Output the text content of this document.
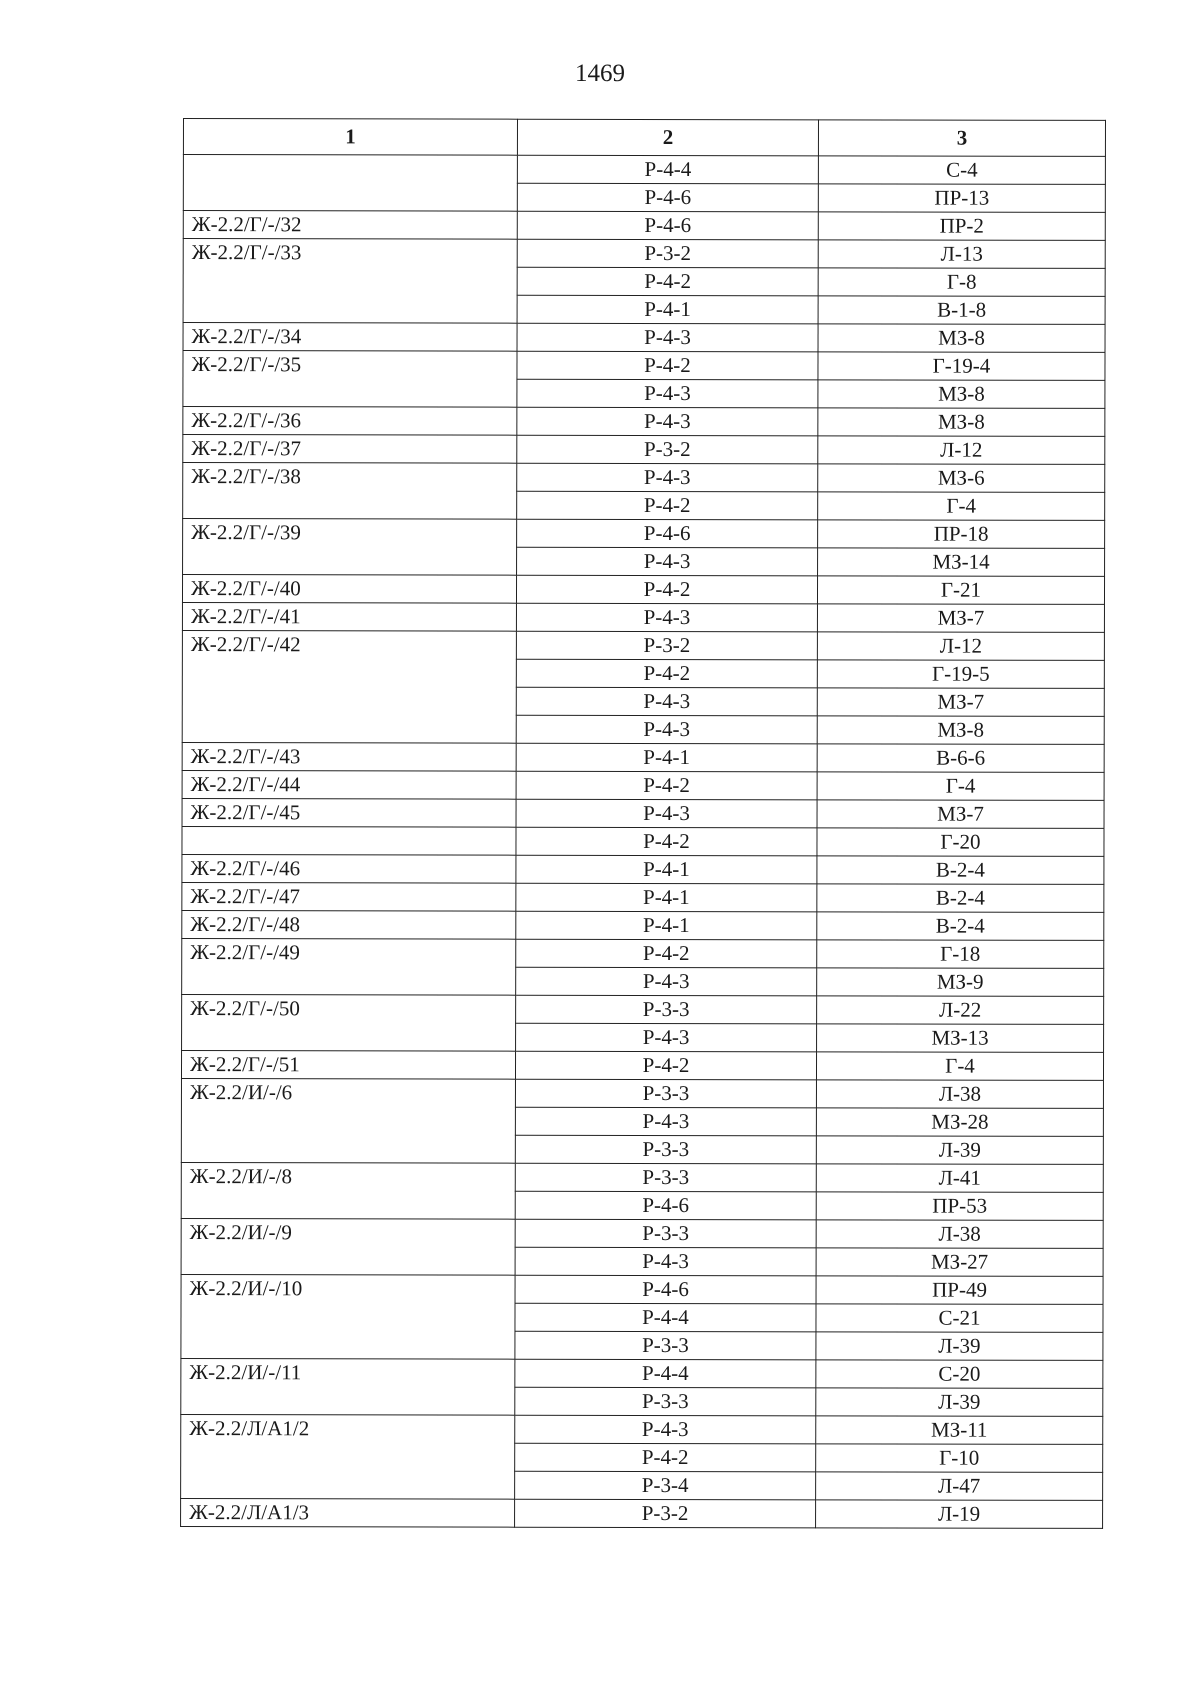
1469
1	2	3
	Р-4-4	С-4
	Р-4-6	ПР-13
Ж-2.2/Г/-/32	Р-4-6	ПР-2
Ж-2.2/Г/-/33	Р-3-2	Л-13
	Р-4-2	Г-8
	Р-4-1	В-1-8
Ж-2.2/Г/-/34	Р-4-3	МЗ-8
Ж-2.2/Г/-/35	Р-4-2	Г-19-4
	Р-4-3	МЗ-8
Ж-2.2/Г/-/36	Р-4-3	МЗ-8
Ж-2.2/Г/-/37	Р-3-2	Л-12
Ж-2.2/Г/-/38	Р-4-3	МЗ-6
	Р-4-2	Г-4
Ж-2.2/Г/-/39	Р-4-6	ПР-18
	Р-4-3	МЗ-14
Ж-2.2/Г/-/40	Р-4-2	Г-21
Ж-2.2/Г/-/41	Р-4-3	МЗ-7
Ж-2.2/Г/-/42	Р-3-2	Л-12
	Р-4-2	Г-19-5
	Р-4-3	МЗ-7
	Р-4-3	МЗ-8
Ж-2.2/Г/-/43	Р-4-1	В-6-6
Ж-2.2/Г/-/44	Р-4-2	Г-4
Ж-2.2/Г/-/45	Р-4-3	МЗ-7
	Р-4-2	Г-20
Ж-2.2/Г/-/46	Р-4-1	В-2-4
Ж-2.2/Г/-/47	Р-4-1	В-2-4
Ж-2.2/Г/-/48	Р-4-1	В-2-4
Ж-2.2/Г/-/49	Р-4-2	Г-18
	Р-4-3	МЗ-9
Ж-2.2/Г/-/50	Р-3-3	Л-22
	Р-4-3	МЗ-13
Ж-2.2/Г/-/51	Р-4-2	Г-4
Ж-2.2/И/-/6	Р-3-3	Л-38
	Р-4-3	МЗ-28
	Р-3-3	Л-39
Ж-2.2/И/-/8	Р-3-3	Л-41
	Р-4-6	ПР-53
Ж-2.2/И/-/9	Р-3-3	Л-38
	Р-4-3	МЗ-27
Ж-2.2/И/-/10	Р-4-6	ПР-49
	Р-4-4	С-21
	Р-3-3	Л-39
Ж-2.2/И/-/11	Р-4-4	С-20
	Р-3-3	Л-39
Ж-2.2/Л/А1/2	Р-4-3	МЗ-11
	Р-4-2	Г-10
	Р-3-4	Л-47
Ж-2.2/Л/А1/3	Р-3-2	Л-19
